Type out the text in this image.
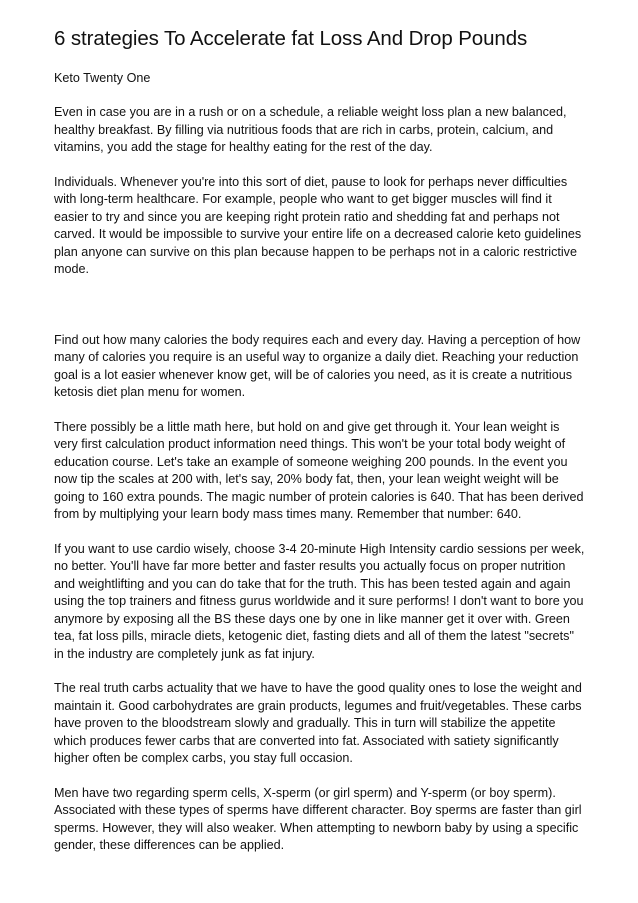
6 strategies To Accelerate fat Loss And Drop Pounds
Keto Twenty One

Even in case you are in a rush or on a schedule, a reliable weight loss plan a new balanced, healthy breakfast. By filling via nutritious foods that are rich in carbs, protein, calcium, and vitamins, you add the stage for healthy eating for the rest of the day.

Individuals. Whenever you're into this sort of diet, pause to look for perhaps never difficulties with long-term healthcare. For example, people who want to get bigger muscles will find it easier to try and since you are keeping right protein ratio and shedding fat and perhaps not carved. It would be impossible to survive your entire life on a decreased calorie keto guidelines plan anyone can survive on this plan because happen to be perhaps not in a caloric restrictive mode.

Find out how many calories the body requires each and every day. Having a perception of how many of calories you require is an useful way to organize a daily diet. Reaching your reduction goal is a lot easier whenever know get, will be of calories you need, as it is create a nutritious ketosis diet plan menu for women.

There possibly be a little math here, but hold on and give get through it. Your lean weight is very first calculation product information need things. This won't be your total body weight of education course. Let's take an example of someone weighing 200 pounds. In the event you now tip the scales at 200 with, let's say, 20% body fat, then, your lean weight weight will be going to 160 extra pounds. The magic number of protein calories is 640. That has been derived from by multiplying your learn body mass times many. Remember that number: 640.

If you want to use cardio wisely, choose 3-4 20-minute High Intensity cardio sessions per week, no better. You'll have far more better and faster results you actually focus on proper nutrition and weightlifting and you can do take that for the truth. This has been tested again and again using the top trainers and fitness gurus worldwide and it sure performs! I don't want to bore you anymore by exposing all the BS these days one by one in like manner get it over with. Green tea, fat loss pills, miracle diets, ketogenic diet, fasting diets and all of them the latest "secrets" in the industry are completely junk as fat injury.

The real truth carbs actuality that we have to have the good quality ones to lose the weight and maintain it. Good carbohydrates are grain products, legumes and fruit/vegetables. These carbs have proven to the bloodstream slowly and gradually. This in turn will stabilize the appetite which produces fewer carbs that are converted into fat. Associated with satiety significantly higher often be complex carbs, you stay full occasion.

Men have two regarding sperm cells, X-sperm (or girl sperm) and Y-sperm (or boy sperm). Associated with these types of sperms have different character. Boy sperms are faster than girl sperms. However, they will also weaker. When attempting to newborn baby by using a specific gender, these differences can be applied.
